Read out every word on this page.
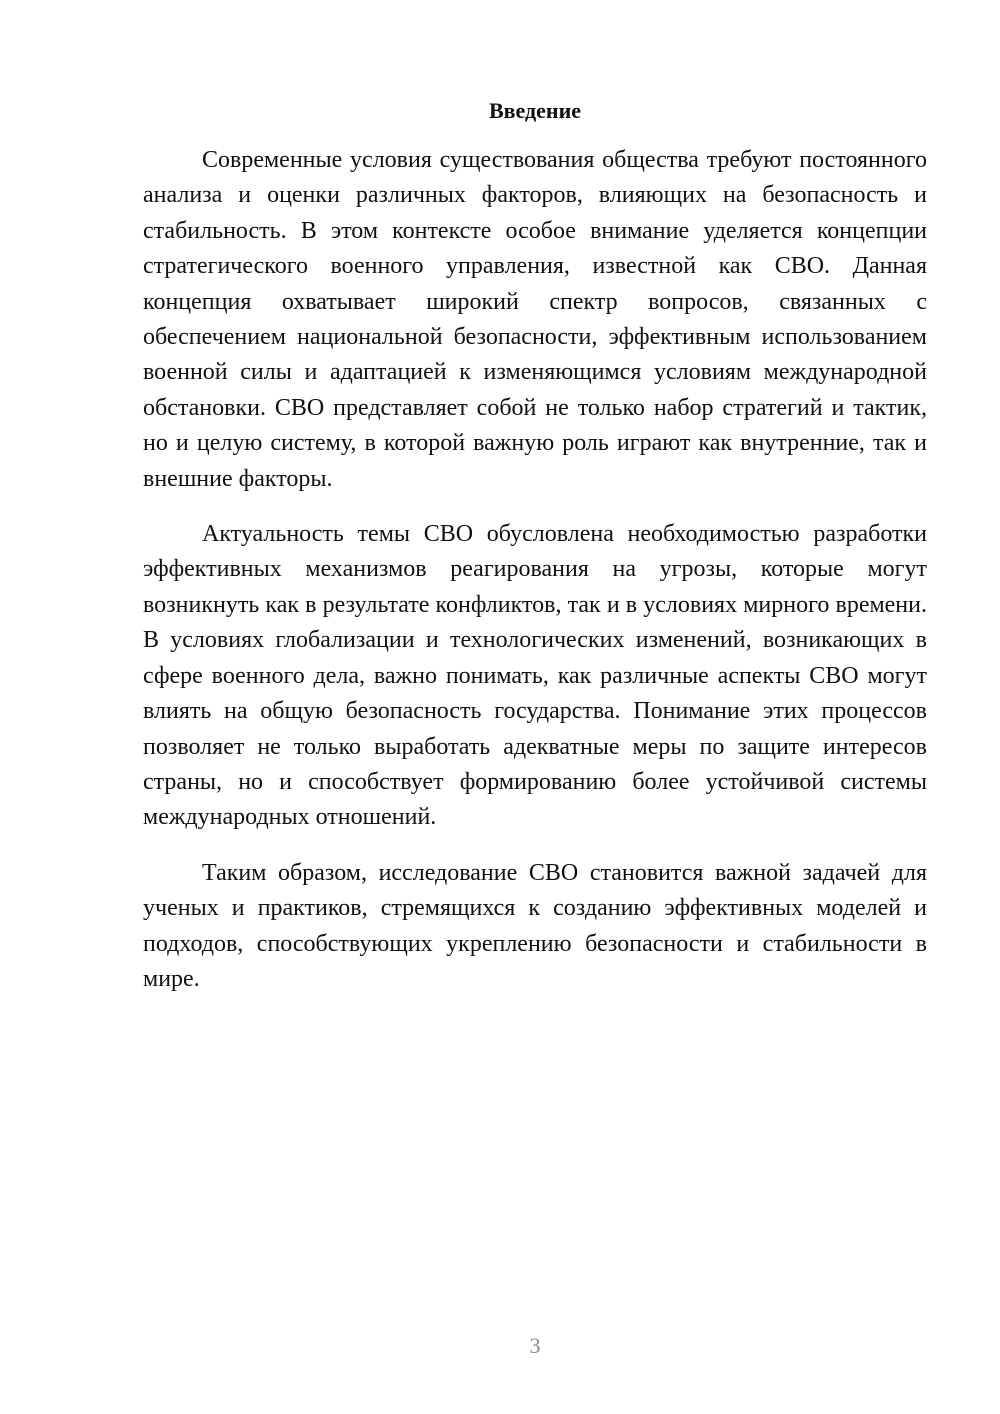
Введение

Современные условия существования общества требуют постоянного анализа и оценки различных факторов, влияющих на безопасность и стабильность. В этом контексте особое внимание уделяется концепции стратегического военного управления, известной как СВО. Данная концепция охватывает широкий спектр вопросов, связанных с обеспечением национальной безопасности, эффективным использованием военной силы и адаптацией к изменяющимся условиям международной обстановки. СВО представляет собой не только набор стратегий и тактик, но и целую систему, в которой важную роль играют как внутренние, так и внешние факторы.

Актуальность темы СВО обусловлена необходимостью разработки эффективных механизмов реагирования на угрозы, которые могут возникнуть как в результате конфликтов, так и в условиях мирного времени. В условиях глобализации и технологических изменений, возникающих в сфере военного дела, важно понимать, как различные аспекты СВО могут влиять на общую безопасность государства. Понимание этих процессов позволяет не только выработать адекватные меры по защите интересов страны, но и способствует формированию более устойчивой системы международных отношений.

Таким образом, исследование СВО становится важной задачей для ученых и практиков, стремящихся к созданию эффективных моделей и подходов, способствующих укреплению безопасности и стабильности в мире.

3
